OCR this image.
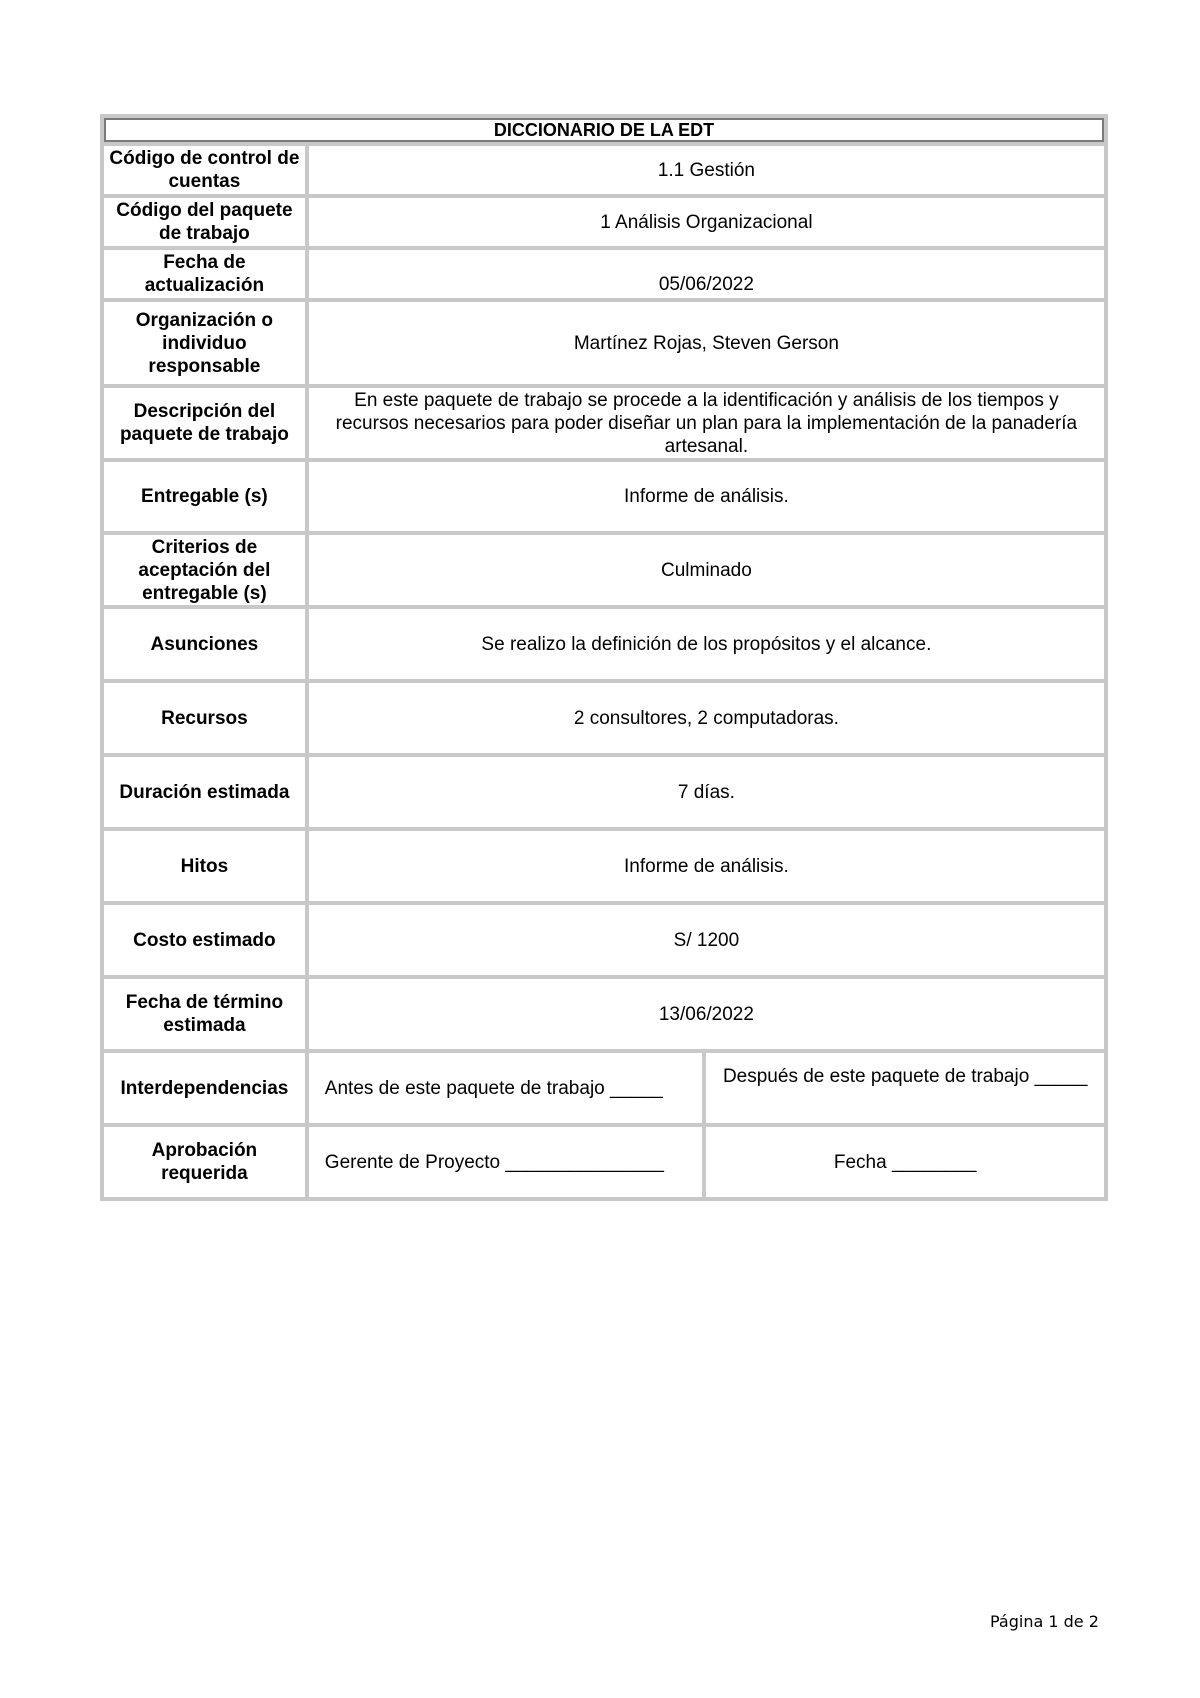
DICCIONARIO DE LA EDT		
Código de control de cuentas	1.1 Gestión	
Código del paquete de trabajo	1 Análisis Organizacional	
Fecha de actualización	05/06/2022	
Organización o individuo responsable	Martínez Rojas, Steven Gerson	
Descripción del paquete de trabajo	En este paquete de trabajo se procede a la identificación y análisis de los tiempos y recursos necesarios para poder diseñar un plan para la implementación de la panadería artesanal.	
Entregable (s)	Informe de análisis.	
Criterios de aceptación del entregable (s)	Culminado	
Asunciones	Se realizo la definición de los propósitos y el alcance.	
Recursos	2 consultores, 2 computadoras.	
Duración estimada	7 días.	
Hitos	Informe de análisis.	
Costo estimado	S/ 1200	
Fecha de término estimada	13/06/2022	
Interdependencias	Antes de este paquete de trabajo _____	Después de este paquete de trabajo _____
Aprobación requerida	Gerente de Proyecto _______________	Fecha ________
Página 1 de 2
